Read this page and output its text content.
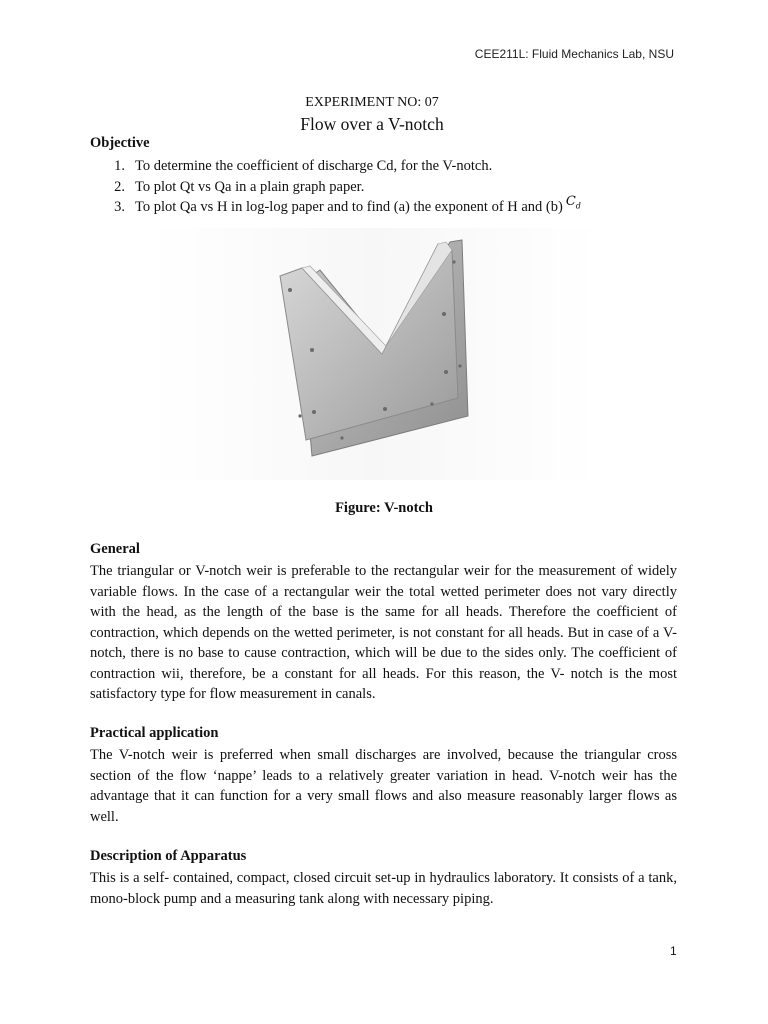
CEE211L: Fluid Mechanics Lab, NSU
EXPERIMENT NO: 07
Flow over a V-notch
Objective
1. To determine the coefficient of discharge Cd, for the V-notch.
2. To plot Qt vs Qa in a plain graph paper.
3. To plot Qa vs H in log-log paper and to find (a) the exponent of H and (b) $C_d$
Figure: V-notch
General

The triangular or V-notch weir is preferable to the rectangular weir for the measurement of widely variable flows. In the case of a rectangular weir the total wetted perimeter does not vary directly with the head, as the length of the base is the same for all heads. Therefore the coefficient of contraction, which depends on the wetted perimeter, is not constant for all heads. But in case of a V-notch, there is no base to cause contraction, which will be due to the sides only. The coefficient of contraction wii, therefore, be a constant for all heads. For this reason, the V- notch is the most satisfactory type for flow measurement in canals.

Practical application

The V-notch weir is preferred when small discharges are involved, because the triangular cross section of the flow ‘nappe’ leads to a relatively greater variation in head. V-notch weir has the advantage that it can function for a very small flows and also measure reasonably larger flows as well.

Description of Apparatus

This is a self- contained, compact, closed circuit set-up in hydraulics laboratory. It consists of a tank, mono-block pump and a measuring tank along with necessary piping.

1
